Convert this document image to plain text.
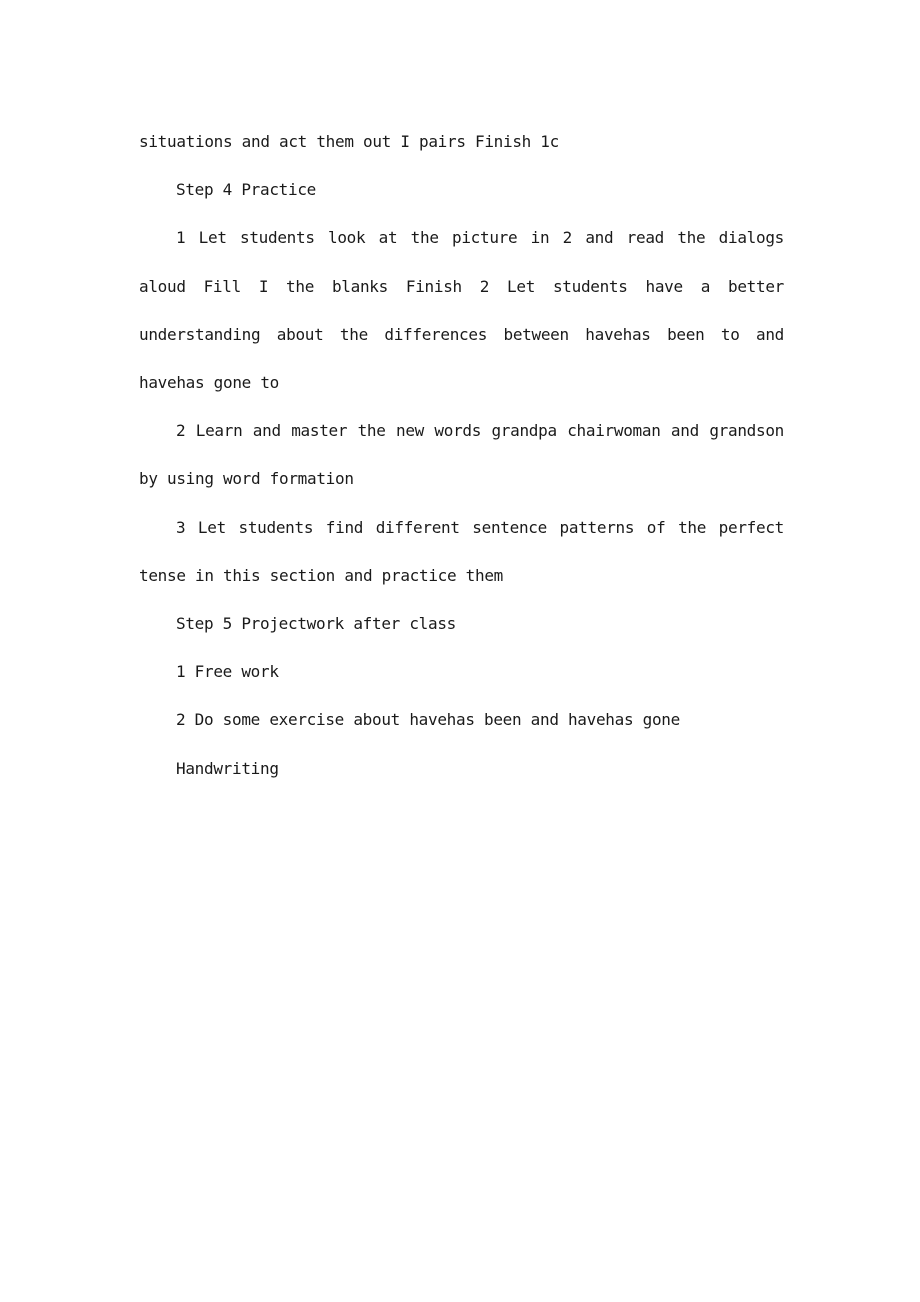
situations and act them out I pairs Finish 1c

Step 4 Practice

1 Let students look at the picture in 2 and read the dialogs aloud Fill I the blanks Finish 2 Let students have a better understanding about the differences between havehas been to and havehas gone to

2 Learn and master the new words grandpa chairwoman and grandson by using word formation

3 Let students find different sentence patterns of the perfect tense in this section and practice them

Step 5 Projectwork after class

1 Free work

2 Do some exercise about havehas been and havehas gone

Handwriting
